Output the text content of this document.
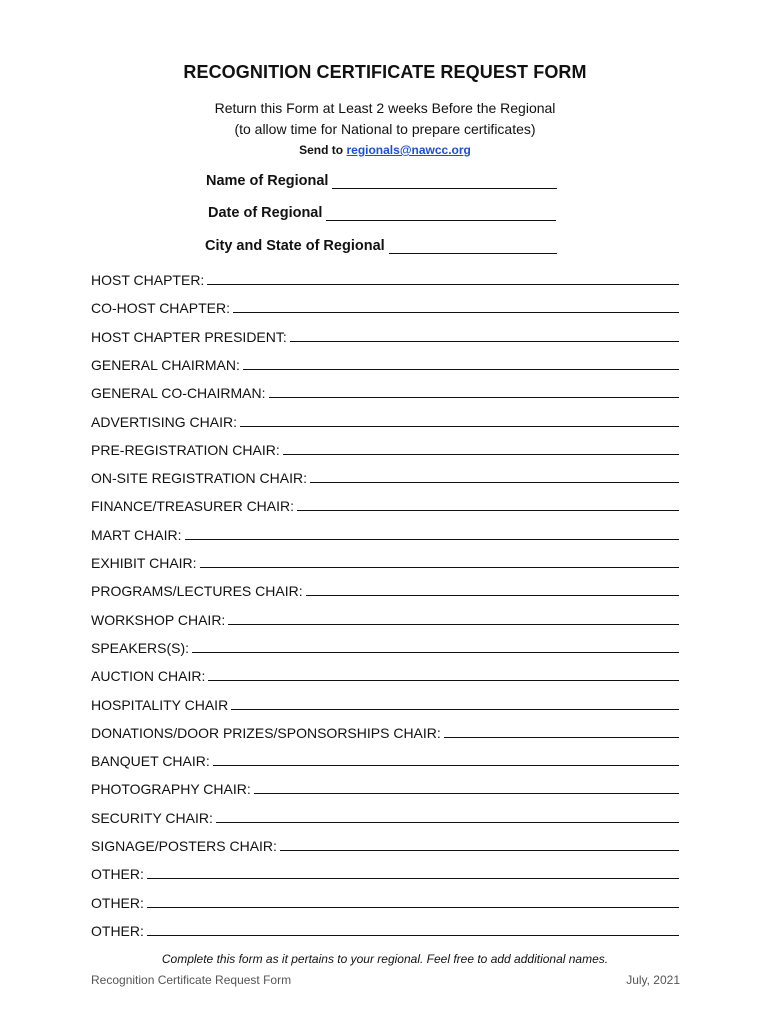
RECOGNITION CERTIFICATE REQUEST FORM
Return this Form at Least 2 weeks Before the Regional
(to allow time for National to prepare certificates)
Send to regionals@nawcc.org
Name of Regional
Date of Regional
City and State of Regional
HOST CHAPTER:
CO-HOST CHAPTER:
HOST CHAPTER PRESIDENT:
GENERAL CHAIRMAN:
GENERAL CO-CHAIRMAN:
ADVERTISING CHAIR:
PRE-REGISTRATION CHAIR:
ON-SITE REGISTRATION CHAIR:
FINANCE/TREASURER CHAIR:
MART CHAIR:
EXHIBIT CHAIR:
PROGRAMS/LECTURES CHAIR:
WORKSHOP CHAIR:
SPEAKERS(S):
AUCTION CHAIR:
HOSPITALITY CHAIR
DONATIONS/DOOR PRIZES/SPONSORSHIPS CHAIR:
BANQUET CHAIR:
PHOTOGRAPHY CHAIR:
SECURITY CHAIR:
SIGNAGE/POSTERS CHAIR:
OTHER:
OTHER:
OTHER:
Complete this form as it pertains to your regional. Feel free to add additional names.
Recognition Certificate Request Form	July, 2021
